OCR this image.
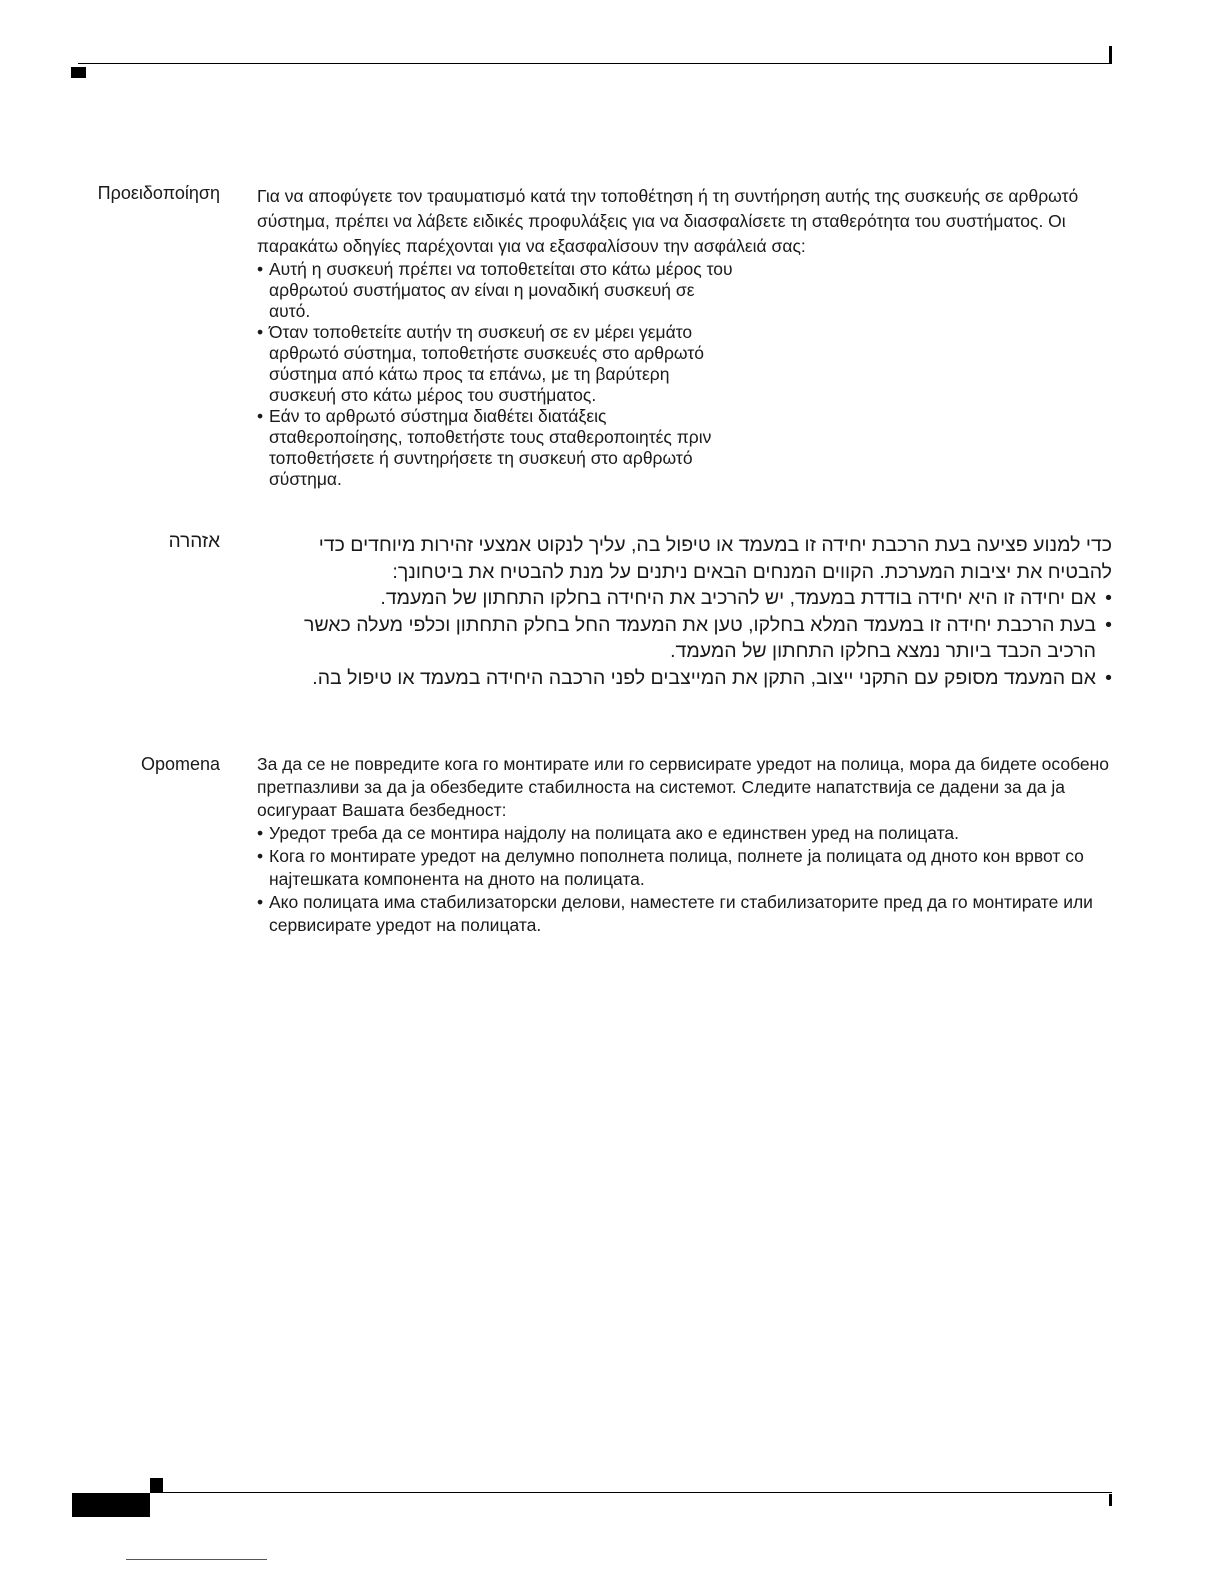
Προειδοποίηση Για να αποφύγετε τον τραυματισμό κατά την τοποθέτηση ή τη συντήρηση αυτής της συσκευής σε αρθρωτό σύστημα, πρέπει να λάβετε ειδικές προφυλάξεις για να διασφαλίσετε τη σταθερότητα του συστήματος. Οι παρακάτω οδηγίες παρέχονται για να εξασφαλίσουν την ασφάλειά σας:

• Αυτή η συσκευή πρέπει να τοποθετείται στο κάτω μέρος του αρθρωτού συστήματος αν είναι η μοναδική συσκευή σε αυτό.
• Όταν τοποθετείτε αυτήν τη συσκευή σε εν μέρει γεμάτο αρθρωτό σύστημα, τοποθετήστε συσκευές στο αρθρωτό σύστημα από κάτω προς τα επάνω, με τη βαρύτερη συσκευή στο κάτω μέρος του συστήματος.
• Εάν το αρθρωτό σύστημα διαθέτει διατάξεις σταθεροποίησης, τοποθετήστε τους σταθεροποιητές πριν τοποθετήσετε ή συντηρήσετε τη συσκευή στο αρθρωτό σύστημα.
אזהרה	כדי למנוע פציעה בעת הרכבת יחידה זו במעמד או טיפול בה, עליך לנקוט אמצעי זהירות מיוחדים כדי להבטיח את יציבות המערכת. הקווים המנחים הבאים ניתנים על מנת להבטיח את ביטחונך:

• אם יחידה זו היא יחידה בודדת במעמד, יש להרכיב את היחידה בחלקו התחתון של המעמד.
• בעת הרכבת יחידה זו במעמד המלא בחלקו, טען את המעמד החל בחלק התחתון וכלפי מעלה כאשר הרכיב הכבד ביותר נמצא בחלקו התחתון של המעמד.
• אם המעמד מסופק עם התקני ייצוב, התקן את המייצבים לפני הרכבה היחידה במעמד או טיפול בה.
Opomena За да се не повредите кога го монтирате или го сервисирате уредот на полица, мора да бидете особено претпазливи за да ја обезбедите стабилноста на системот. Следите напатствија се дадени за да ја осигураат Вашата безбедност:

• Уредот треба да се монтира најдолу на полицата ако е единствен уред на полицата.
• Кога го монтирате уредот на делумно пополнета полица, полнете ја полицата од дното кон врвот со најтешката компонента на дното на полицата.
• Ако полицата има стабилизаторски делови, наместете ги стабилизаторите пред да го монтирате или сервисирате уредот на полицата.
